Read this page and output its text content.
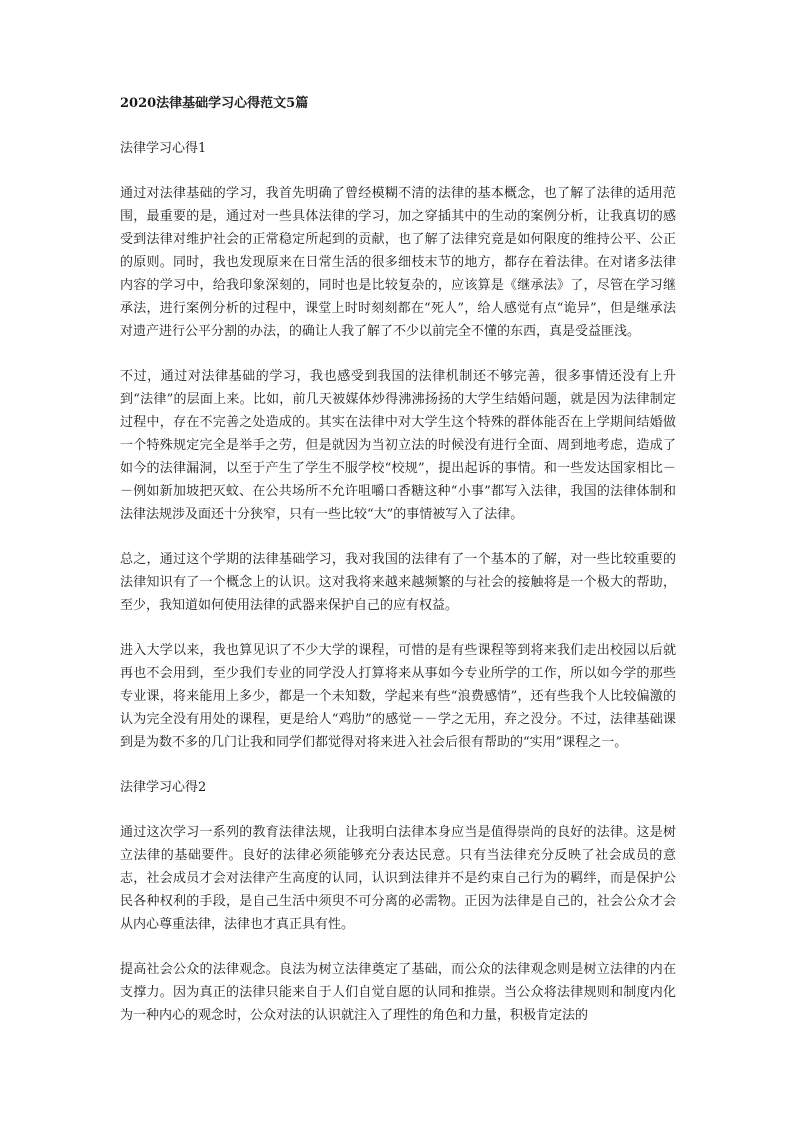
2020法律基础学习心得范文5篇

法律学习心得1

通过对法律基础的学习，我首先明确了曾经模糊不清的法律的基本概念，也了解了法律的适用范围，最重要的是，通过对一些具体法律的学习，加之穿插其中的生动的案例分析，让我真切的感受到法律对维护社会的正常稳定所起到的贡献，也了解了法律究竟是如何限度的维持公平、公正的原则。同时，我也发现原来在日常生活的很多细枝末节的地方，都存在着法律。在对诸多法律内容的学习中，给我印象深刻的，同时也是比较复杂的，应该算是《继承法》了，尽管在学习继承法，进行案例分析的过程中，课堂上时时刻刻都在“死人”，给人感觉有点“诡异”，但是继承法对遗产进行公平分割的办法，的确让人我了解了不少以前完全不懂的东西，真是受益匪浅。

不过，通过对法律基础的学习，我也感受到我国的法律机制还不够完善，很多事情还没有上升到“法律”的层面上来。比如，前几天被媒体炒得沸沸扬扬的大学生结婚问题，就是因为法律制定过程中，存在不完善之处造成的。其实在法律中对大学生这个特殊的群体能否在上学期间结婚做一个特殊规定完全是举手之劳，但是就因为当初立法的时候没有进行全面、周到地考虑，造成了如今的法律漏洞，以至于产生了学生不服学校“校规”，提出起诉的事情。和一些发达国家相比－－例如新加坡把灭蚊、在公共场所不允许咀嚼口香糖这种“小事”都写入法律，我国的法律体制和法律法规涉及面还十分狭窄，只有一些比较“大”的事情被写入了法律。

总之，通过这个学期的法律基础学习，我对我国的法律有了一个基本的了解，对一些比较重要的法律知识有了一个概念上的认识。这对我将来越来越频繁的与社会的接触将是一个极大的帮助，至少，我知道如何使用法律的武器来保护自己的应有权益。

进入大学以来，我也算见识了不少大学的课程，可惜的是有些课程等到将来我们走出校园以后就再也不会用到，至少我们专业的同学没人打算将来从事如今专业所学的工作，所以如今学的那些专业课，将来能用上多少，都是一个未知数，学起来有些“浪费感情”，还有些我个人比较偏激的认为完全没有用处的课程，更是给人“鸡肋”的感觉－－学之无用，弃之没分。不过，法律基础课到是为数不多的几门让我和同学们都觉得对将来进入社会后很有帮助的“实用”课程之一。

法律学习心得2

通过这次学习一系列的教育法律法规，让我明白法律本身应当是值得崇尚的良好的法律。这是树立法律的基础要件。良好的法律必须能够充分表达民意。只有当法律充分反映了社会成员的意志，社会成员才会对法律产生高度的认同，认识到法律并不是约束自己行为的羁绊，而是保护公民各种权利的手段，是自己生活中须臾不可分离的必需物。正因为法律是自己的，社会公众才会从内心尊重法律，法律也才真正具有性。

提高社会公众的法律观念。良法为树立法律奠定了基础，而公众的法律观念则是树立法律的内在支撑力。因为真正的法律只能来自于人们自觉自愿的认同和推崇。当公众将法律规则和制度内化为一种内心的观念时，公众对法的认识就注入了理性的角色和力量，积极肯定法的
